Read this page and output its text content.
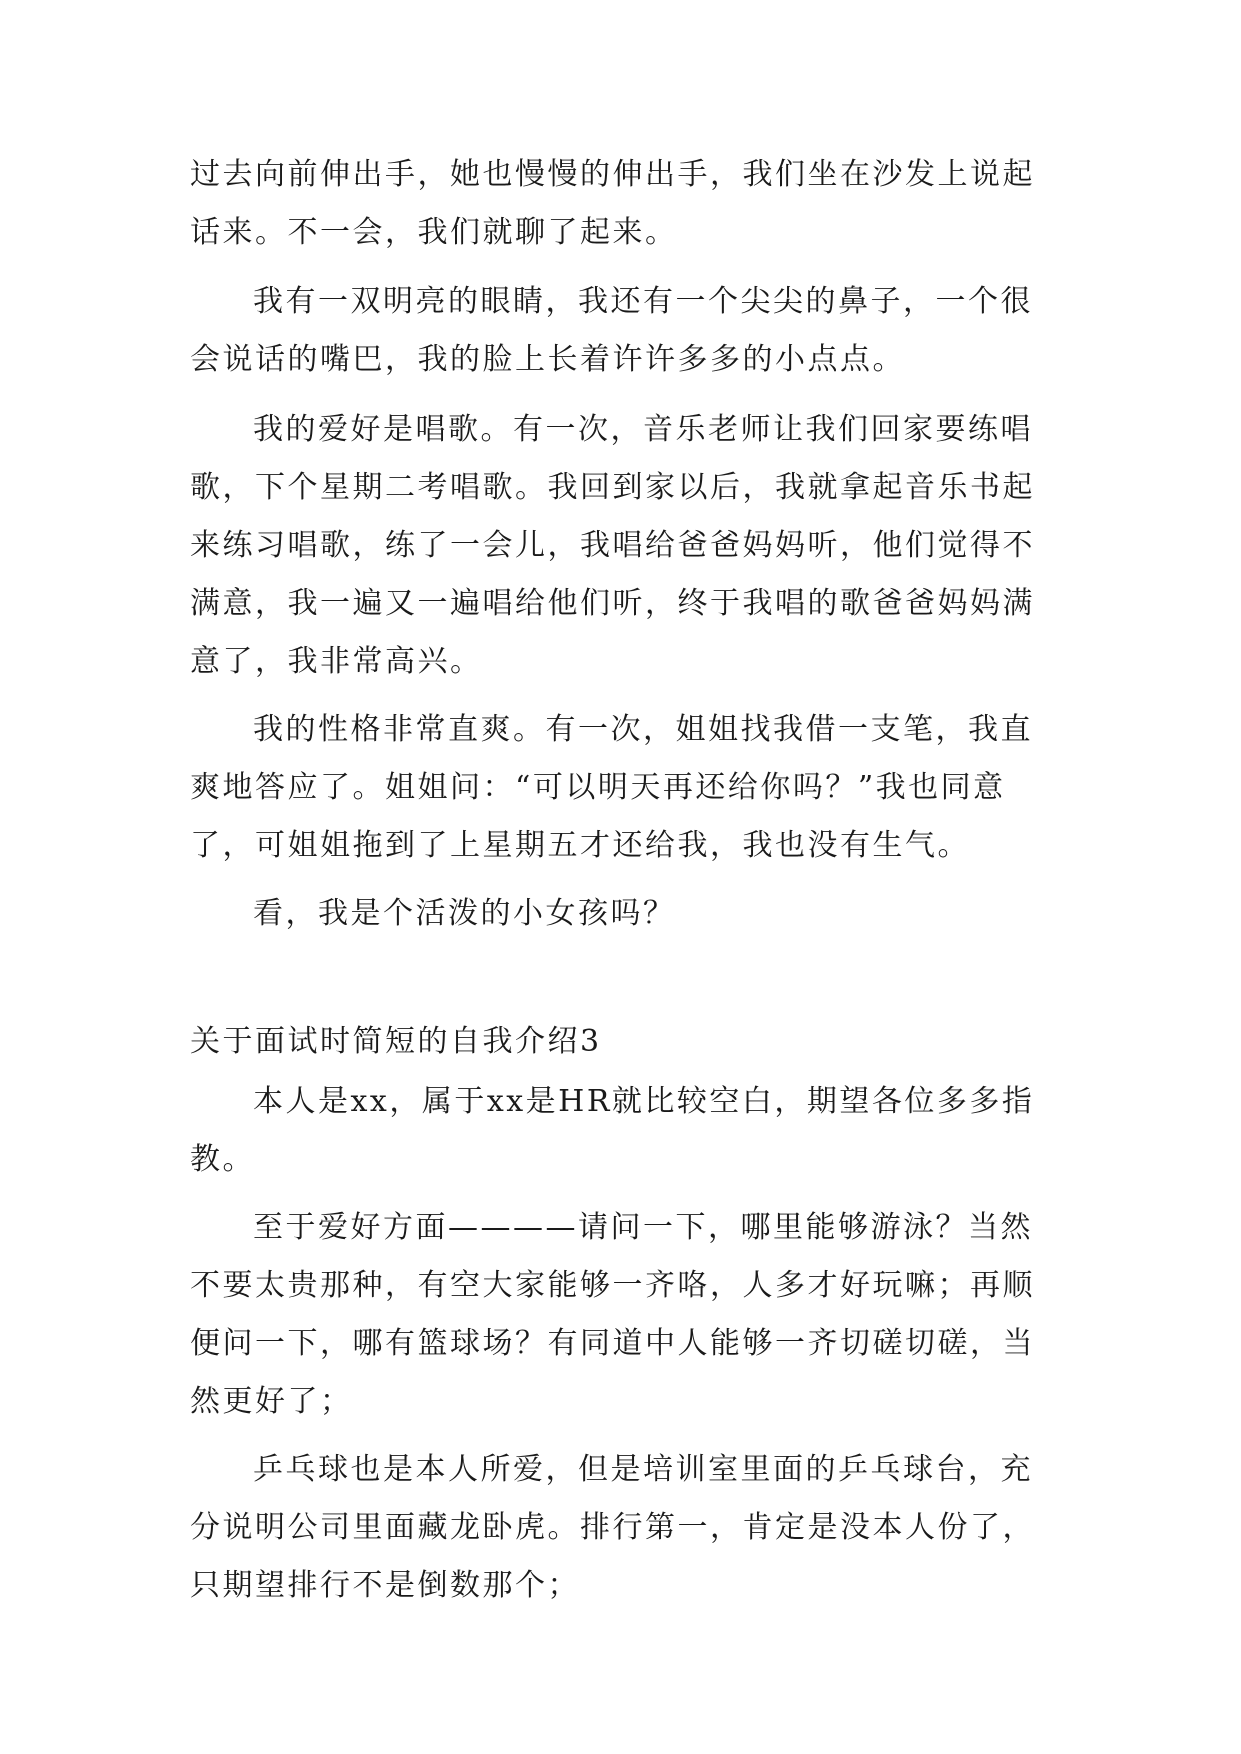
过去向前伸出手，她也慢慢的伸出手，我们坐在沙发上说起
话来。不一会，我们就聊了起来。
我有一双明亮的眼睛，我还有一个尖尖的鼻子，一个很
会说话的嘴巴，我的脸上长着许许多多的小点点。
我的爱好是唱歌。有一次，音乐老师让我们回家要练唱
歌，下个星期二考唱歌。我回到家以后，我就拿起音乐书起
来练习唱歌，练了一会儿，我唱给爸爸妈妈听，他们觉得不
满意，我一遍又一遍唱给他们听，终于我唱的歌爸爸妈妈满
意了，我非常高兴。
我的性格非常直爽。有一次，姐姐找我借一支笔，我直
爽地答应了。姐姐问：“可以明天再还给你吗？”我也同意
了，可姐姐拖到了上星期五才还给我，我也没有生气。
看，我是个活泼的小女孩吗？
关于面试时简短的自我介绍3
本人是xx，属于xx是HR就比较空白，期望各位多多指
教。
至于爱好方面————请问一下，哪里能够游泳？当然
不要太贵那种，有空大家能够一齐咯，人多才好玩嘛；再顺
便问一下，哪有篮球场？有同道中人能够一齐切磋切磋，当
然更好了；
乒乓球也是本人所爱，但是培训室里面的乒乓球台，充
分说明公司里面藏龙卧虎。排行第一，肯定是没本人份了，
只期望排行不是倒数那个；
